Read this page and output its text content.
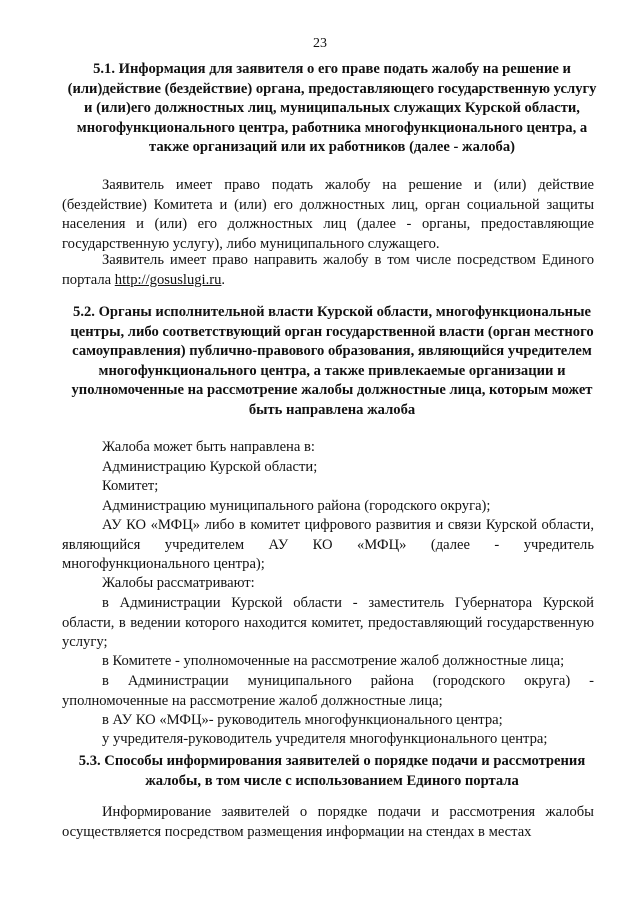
23

5.1. Информация для заявителя о его праве подать жалобу на решение и (или)действие (бездействие) органа, предоставляющего государственную услугу и (или)его должностных лиц, муниципальных служащих Курской области, многофункционального центра, работника многофункционального центра, а также организаций или их работников (далее - жалоба)

Заявитель имеет право подать жалобу на решение и (или) действие (бездействие) Комитета и (или) его должностных лиц, орган социальной защиты населения и (или) его должностных лиц (далее - органы, предоставляющие государственную услугу), либо муниципального служащего.

Заявитель имеет право направить жалобу в том числе посредством Единого портала http://gosuslugi.ru.

5.2. Органы исполнительной власти Курской области, многофункциональные центры, либо соответствующий орган государственной власти (орган местного самоуправления) публично-правового образования, являющийся учредителем многофункционального центра, а также привлекаемые организации и уполномоченные на рассмотрение жалобы должностные лица, которым может быть направлена жалоба

Жалоба может быть направлена в:

Администрацию Курской области;

Комитет;

Администрацию муниципального района (городского округа);

АУ КО «МФЦ» либо в комитет цифрового развития и связи Курской области, являющийся учредителем АУ КО «МФЦ» (далее - учредитель многофункционального центра);

Жалобы рассматривают:

в Администрации Курской области - заместитель Губернатора Курской области, в ведении которого находится комитет, предоставляющий государственную услугу;

в Комитете - уполномоченные на рассмотрение жалоб должностные лица;

в Администрации муниципального района (городского округа) - уполномоченные на рассмотрение жалоб должностные лица;

в АУ КО «МФЦ»- руководитель многофункционального центра;

у учредителя-руководитель учредителя многофункционального центра;

5.3. Способы информирования заявителей о порядке подачи и рассмотрения жалобы, в том числе с использованием Единого портала

Информирование заявителей о порядке подачи и рассмотрения жалобы осуществляется посредством размещения информации на стендах в местах
